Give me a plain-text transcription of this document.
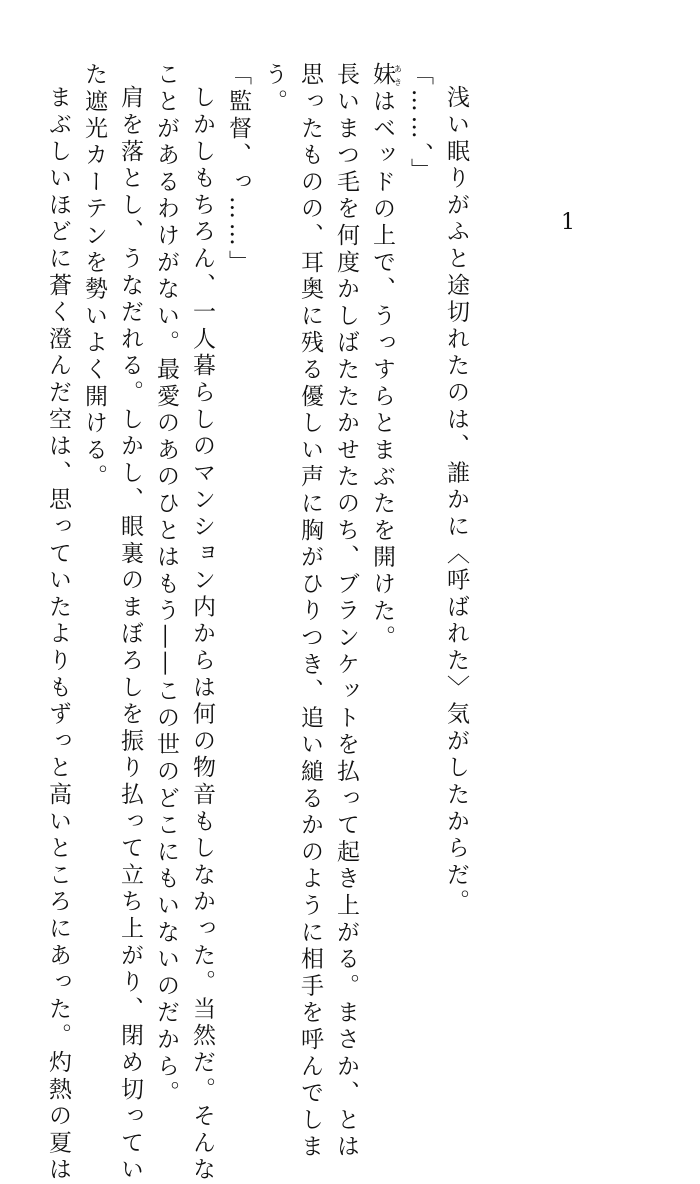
1
浅い眠りがふと途切れたのは、誰かに〈呼ばれた〉気がしたからだ。
「……、」
妹あきはベッドの上で、うっすらとまぶたを開けた。
長いまつ毛を何度かしばたたかせたのち、ブランケットを払って起き上がる。まさか、とは
思ったものの、耳奥に残る優しい声に胸がひりつき、追い縋るかのように相手を呼んでしま
う。
「監督、っ……」
しかしもちろん、一人暮らしのマンション内からは何の物音もしなかった。当然だ。そんな
ことがあるわけがない。最愛のあのひとはもう――この世のどこにもいないのだから。
肩を落とし、うなだれる。しかし、眼裏のまぼろしを振り払って立ち上がり、閉め切ってい
た遮光カーテンを勢いよく開ける。
まぶしいほどに蒼く澄んだ空は、思っていたよりもずっと高いところにあった。灼熱の夏は
